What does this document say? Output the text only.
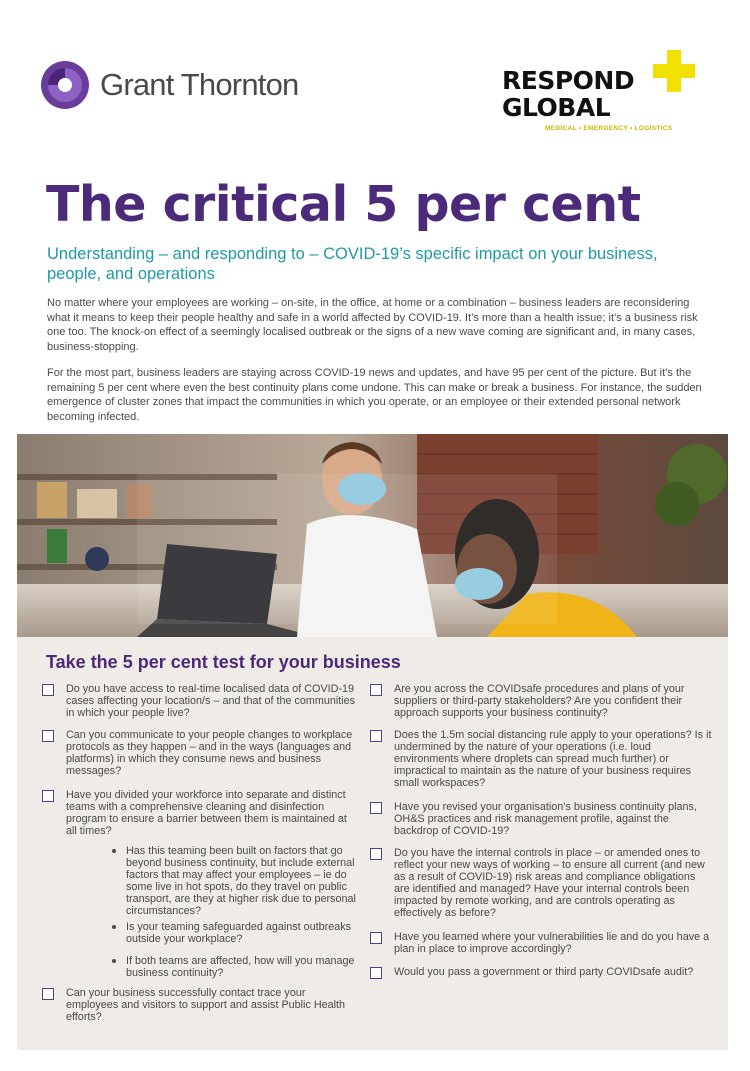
Grant Thornton	RESPOND
GLOBAL
MEDICAL • EMERGENCY • LOGISTICS
The critical 5 per cent

Understanding – and responding to – COVID-19’s specific impact on your business, people, and operations

No matter where your employees are working – on-site, in the office, at home or a combination – business leaders are reconsidering what it means to keep their people healthy and safe in a world affected by COVID-19. It’s more than a health issue; it’s a business risk one too. The knock-on effect of a seemingly localised outbreak or the signs of a new wave coming are significant and, in many cases, business-stopping.

For the most part, business leaders are staying across COVID-19 news and updates, and have 95 per cent of the picture. But it’s the remaining 5 per cent where even the best continuity plans come undone. This can make or break a business. For instance, the sudden emergence of cluster zones that impact the communities in which you operate, or an employee or their extended personal network becoming infected.

Take the 5 per cent test for your business
Do you have access to real-time localised data of COVID-19 cases affecting your location/s – and that of the communities in which your people live?
Can you communicate to your people changes to workplace protocols as they happen – and in the ways (languages and platforms) in which they consume news and business messages?
Have you divided your workforce into separate and distinct teams with a comprehensive cleaning and disinfection program to ensure a barrier between them is maintained at all times?
Has this teaming been built on factors that go beyond business continuity, but include external factors that may affect your employees – ie do some live in hot spots, do they travel on public transport, are they at higher risk due to personal circumstances?
Is your teaming safeguarded against outbreaks outside your workplace?
If both teams are affected, how will you manage business continuity?
Can your business successfully contact trace your employees and visitors to support and assist Public Health efforts?
Are you across the COVIDsafe procedures and plans of your suppliers or third-party stakeholders? Are you confident their approach supports your business continuity?
Does the 1.5m social distancing rule apply to your operations? Is it undermined by the nature of your operations (i.e. loud environments where droplets can spread much further) or impractical to maintain as the nature of your business requires small workspaces?
Have you revised your organisation’s business continuity plans, OH&S practices and risk management profile, against the backdrop of COVID-19?
Do you have the internal controls in place – or amended ones to reflect your new ways of working – to ensure all current (and new as a result of COVID-19) risk areas and compliance obligations are identified and managed? Have your internal controls been impacted by remote working, and are controls operating as effectively as before?
Have you learned where your vulnerabilities lie and do you have a plan in place to improve accordingly?
Would you pass a government or third party COVIDsafe audit?
